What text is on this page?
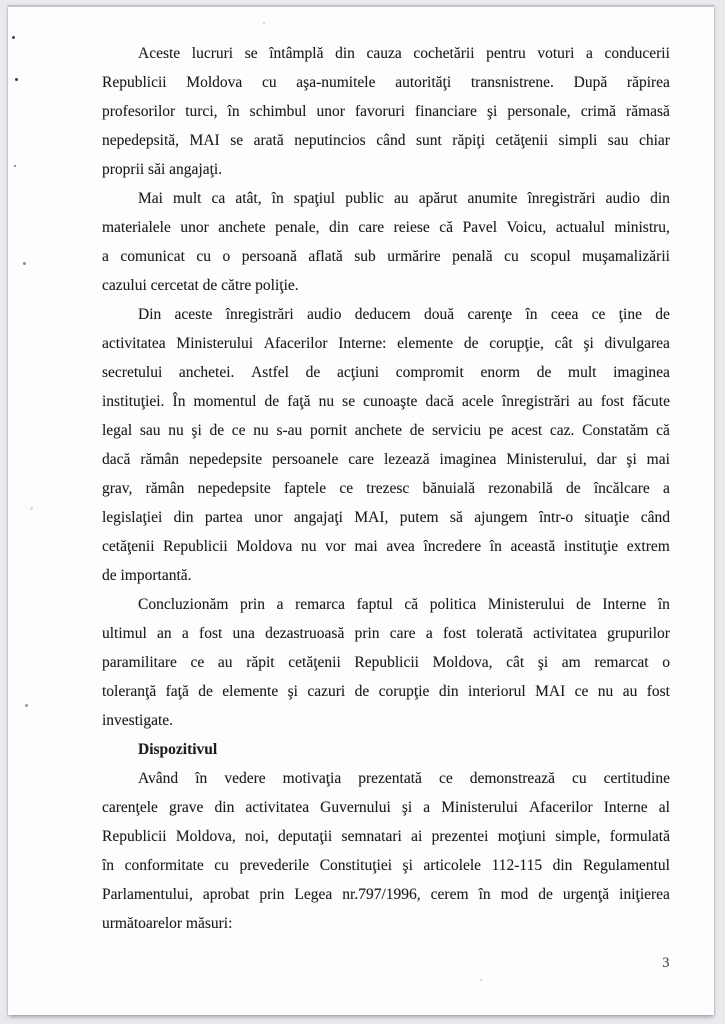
Aceste lucruri se întâmplă din cauza cochetării pentru voturi a conducerii
Republicii Moldova cu aşa-numitele autorităţi transnistrene. După răpirea
profesorilor turci, în schimbul unor favoruri financiare şi personale, crimă rămasă
nepedepsită, MAI se arată neputincios când sunt răpiţi cetăţenii simpli sau chiar
proprii săi angajaţi.
Mai mult ca atât, în spaţiul public au apărut anumite înregistrări audio din
materialele unor anchete penale, din care reiese că Pavel Voicu, actualul ministru,
a comunicat cu o persoană aflată sub urmărire penală cu scopul muşamalizării
cazului cercetat de către poliţie.
Din aceste înregistrări audio deducem două carenţe în ceea ce ţine de
activitatea Ministerului Afacerilor Interne: elemente de corupţie, cât şi divulgarea
secretului anchetei. Astfel de acţiuni compromit enorm de mult imaginea
instituţiei. În momentul de faţă nu se cunoaşte dacă acele înregistrări au fost făcute
legal sau nu şi de ce nu s-au pornit anchete de serviciu pe acest caz. Constatăm că
dacă rămân nepedepsite persoanele care lezează imaginea Ministerului, dar şi mai
grav, rămân nepedepsite faptele ce trezesc bănuială rezonabilă de încălcare a
legislaţiei din partea unor angajaţi MAI, putem să ajungem într-o situaţie când
cetăţenii Republicii Moldova nu vor mai avea încredere în această instituţie extrem
de importantă.
Concluzionăm prin a remarca faptul că politica Ministerului de Interne în
ultimul an a fost una dezastruoasă prin care a fost tolerată activitatea grupurilor
paramilitare ce au răpit cetăţenii Republicii Moldova, cât şi am remarcat o
toleranţă faţă de elemente şi cazuri de corupţie din interiorul MAI ce nu au fost
investigate.
Dispozitivul
Având în vedere motivaţia prezentată ce demonstrează cu certitudine
carenţele grave din activitatea Guvernului şi a Ministerului Afacerilor Interne al
Republicii Moldova, noi, deputaţii semnatari ai prezentei moţiuni simple, formulată
în conformitate cu prevederile Constituţiei şi articolele 112-115 din Regulamentul
Parlamentului, aprobat prin Legea nr.797/1996, cerem în mod de urgenţă iniţierea
următoarelor măsuri:
3
